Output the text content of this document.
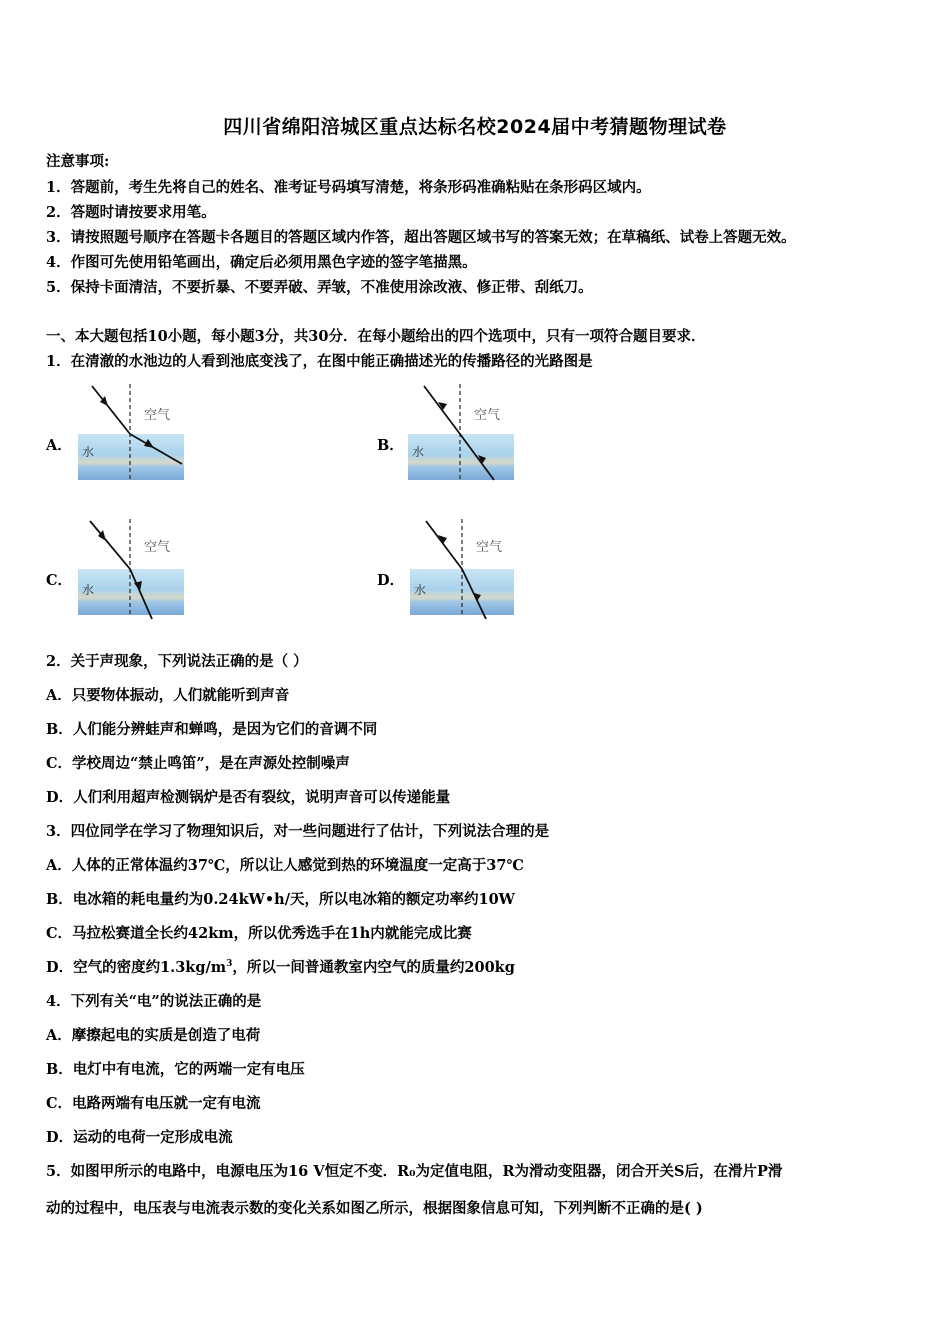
四川省绵阳涪城区重点达标名校2024届中考猜题物理试卷
注意事项:
1．答题前，考生先将自己的姓名、准考证号码填写清楚，将条形码准确粘贴在条形码区域内。
2．答题时请按要求用笔。
3．请按照题号顺序在答题卡各题目的答题区域内作答，超出答题区域书写的答案无效；在草稿纸、试卷上答题无效。
4．作图可先使用铅笔画出，确定后必须用黑色字迹的签字笔描黑。
5．保持卡面清洁，不要折暴、不要弄破、弄皱，不准使用涂改液、修正带、刮纸刀。
一、本大题包括10小题，每小题3分，共30分．在每小题给出的四个选项中，只有一项符合题目要求．
1．在清澈的水池边的人看到池底变浅了，在图中能正确描述光的传播路径的光路图是
A．
空气
水	B．
空气
水
C．
空气
水
D．
空气
水
2．关于声现象，下列说法正确的是（ ）
A．只要物体振动，人们就能听到声音
B．人们能分辨蛙声和蝉鸣，是因为它们的音调不同
C．学校周边“禁止鸣笛”，是在声源处控制噪声
D．人们利用超声检测锅炉是否有裂纹，说明声音可以传递能量
3．四位同学在学习了物理知识后，对一些问题进行了估计，下列说法合理的是
A．人体的正常体温约37℃，所以让人感觉到热的环境温度一定高于37℃
B．电冰箱的耗电量约为0.24kW•h/天，所以电冰箱的额定功率约10W
C．马拉松赛道全长约42km，所以优秀选手在1h内就能完成比赛
D．空气的密度约$1.3kg/m^3$，所以一间普通教室内空气的质量约200kg
4．下列有关“电”的说法正确的是
A．摩擦起电的实质是创造了电荷
B．电灯中有电流，它的两端一定有电压
C．电路两端有电压就一定有电流
D．运动的电荷一定形成电流
5．如图甲所示的电路中，电源电压为16 V恒定不变．R₀为定值电阻，R为滑动变阻器，闭合开关S后，在滑片P滑
动的过程中，电压表与电流表示数的变化关系如图乙所示，根据图象信息可知，下列判断不正确的是( )
